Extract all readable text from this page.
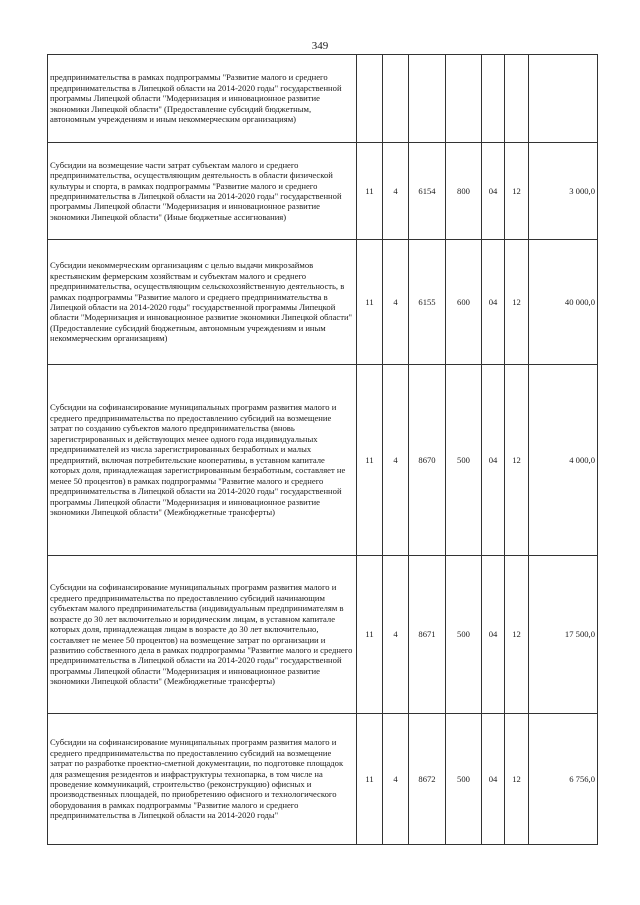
349
предпринимательства в рамках подпрограммы "Развитие малого и среднего предпринимательства в Липецкой области на 2014-2020 годы" государственной программы Липецкой области "Модернизация и инновационное развитие экономики Липецкой области" (Предоставление субсидий бюджетным, автономным учреждениям и иным некоммерческим организациям)							
Субсидии на возмещение части затрат субъектам малого и среднего предпринимательства, осуществляющим деятельность в области физической культуры и спорта, в рамках подпрограммы "Развитие малого и среднего предпринимательства в Липецкой области на 2014-2020 годы" государственной программы Липецкой области "Модернизация и инновационное развитие экономики Липецкой области" (Иные бюджетные ассигнования)	11	4	6154	800	04	12	3 000,0
Субсидии некоммерческим организациям с целью выдачи микрозаймов крестьянским фермерским хозяйствам и субъектам малого и среднего предпринимательства, осуществляющим сельскохозяйственную деятельность, в рамках подпрограммы "Развитие малого и среднего предпринимательства в Липецкой области на 2014-2020 годы" государственной программы Липецкой области "Модернизация и инновационное развитие экономики Липецкой области" (Предоставление субсидий бюджетным, автономным учреждениям и иным некоммерческим организациям)	11	4	6155	600	04	12	40 000,0
Субсидии на софинансирование муниципальных программ развития малого и среднего предпринимательства по предоставлению субсидий на возмещение затрат по созданию субъектов малого предпринимательства (вновь зарегистрированных и действующих менее одного года индивидуальных предпринимателей из числа зарегистрированных безработных и малых предприятий, включая потребительские кооперативы, в уставном капитале которых доля, принадлежащая зарегистрированным безработным, составляет не менее 50 процентов) в рамках подпрограммы "Развитие малого и среднего предпринимательства в Липецкой области на 2014-2020 годы" государственной программы Липецкой области "Модернизация и инновационное развитие экономики Липецкой области" (Межбюджетные трансферты)	11	4	8670	500	04	12	4 000,0
Субсидии на софинансирование муниципальных программ развития малого и среднего предпринимательства по предоставлению субсидий начинающим субъектам малого предпринимательства (индивидуальным предпринимателям в возрасте до 30 лет включительно и юридическим лицам, в уставном капитале которых доля, принадлежащая лицам в возрасте до 30 лет включительно, составляет не менее 50 процентов) на возмещение затрат по организации и развитию собственного дела в рамках подпрограммы "Развитие малого и среднего предпринимательства в Липецкой области на 2014-2020 годы" государственной программы Липецкой области "Модернизация и инновационное развитие экономики Липецкой области" (Межбюджетные трансферты)	11	4	8671	500	04	12	17 500,0
Субсидии на софинансирование муниципальных программ развития малого и среднего предпринимательства по предоставлению субсидий на возмещение затрат по разработке проектно-сметной документации, по подготовке площадок для размещения резидентов и инфраструктуры технопарка, в том числе на проведение коммуникаций, строительство (реконструкцию) офисных и производственных площадей, по приобретению офисного и технологического оборудования в рамках подпрограммы "Развитие малого и среднего предпринимательства в Липецкой области на 2014-2020 годы"	11	4	8672	500	04	12	6 756,0
